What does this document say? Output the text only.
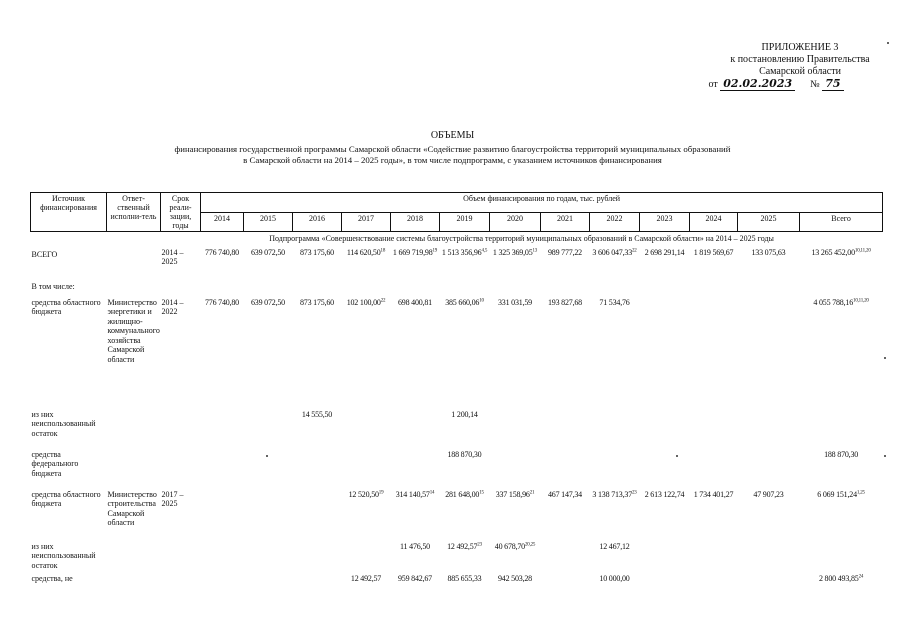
ПРИЛОЖЕНИЕ 3
к постановлению Правительства
Самарской области
от 02.02.2023 № 75
ОБЪЕМЫ
финансирования государственной программы Самарской области «Содействие развитию благоустройства территорий муниципальных образований
в Самарской области на 2014 – 2025 годы», в том числе подпрограмм, с указанием источников финансирования
Источник финансирования	Ответ-ственный исполни-тель	Срок реали-зации, годы	Объем финансирования по годам, тыс. рублей												
			2014	2015	2016	2017	2018	2019	2020	2021	2022	2023	2024	2025	Всего
		Подпрограмма «Совершенствование системы благоустройства территорий муниципальных образований в Самарской области» на 2014 – 2025 годы													
ВСЕГО		2014 – 2025	776 740,80	639 072,50	873 175,60	114 620,50$^{18}$	1 669 719,98$^{19}$	1 513 356,96$^{4,5}$	1 325 369,05$^{13}$	989 777,22	3 606 047,33$^{22}$	2 698 291,14	1 819 569,67	133 075,63	13 265 452,00$^{10,11,20}$
В том числе:															
средства областного бюджета	Министерство энергетики и жилищно-коммунального хозяйства Самарской области	2014 – 2022	776 740,80	639 072,50	873 175,60	102 100,00$^{22}$	698 400,81	385 660,06$^{10}$	331 031,59	193 827,68	71 534,76				4 055 788,16$^{10,11,20}$
из них неиспользованный остаток					14 555,50			1 200,14							
средства федерального бюджета								188 870,30							188 870,30
средства областного бюджета	Министерство строительства Самарской области	2017 – 2025				12 520,50$^{19}$	314 140,57$^{14}$	281 648,00$^{15}$	337 158,96$^{21}$	467 147,34	3 138 713,37$^{23}$	2 613 122,74	1 734 401,27	47 907,23	6 069 151,24$^{1,25}$
из них неиспользованный остаток							11 476,50	12 492,57$^{23}$	40 678,70$^{20,25}$		12 467,12				
средства, не						12 492,57	959 842,67	885 655,33	942 503,28		10 000,00				2 800 493,85$^{24}$
